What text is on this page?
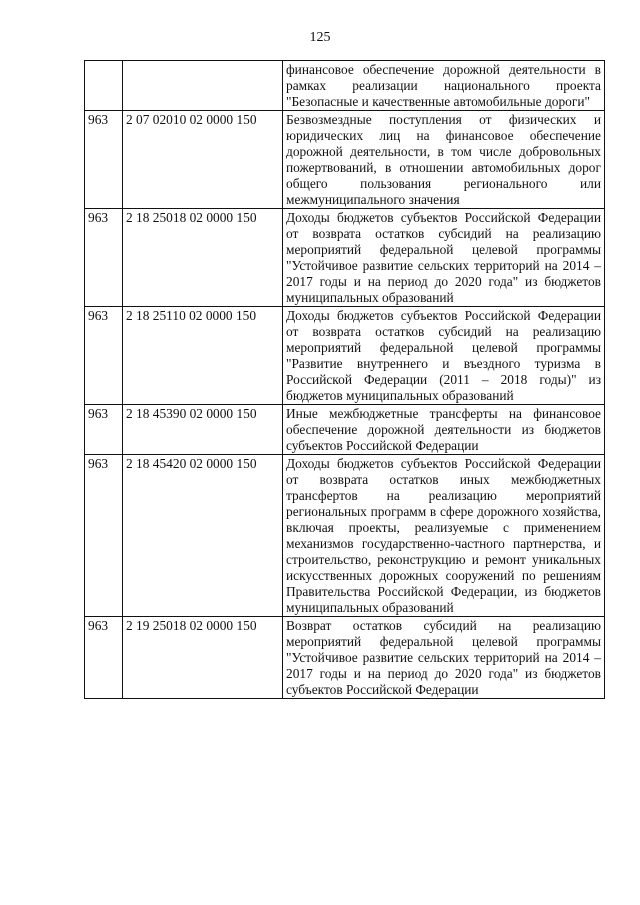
125
		финансовое обеспечение дорожной деятельности в рамках реализации национального проекта "Безопасные и качественные автомобильные дороги"
963	2 07 02010 02 0000 150	Безвозмездные поступления от физических и юридических лиц на финансовое обеспечение дорожной деятельности, в том числе добровольных пожертвований, в отношении автомобильных дорог общего пользования регионального или межмуниципального значения
963	2 18 25018 02 0000 150	Доходы бюджетов субъектов Российской Федерации от возврата остатков субсидий на реализацию мероприятий федеральной целевой программы "Устойчивое развитие сельских территорий на 2014 – 2017 годы и на период до 2020 года" из бюджетов муниципальных образований
963	2 18 25110 02 0000 150	Доходы бюджетов субъектов Российской Федерации от возврата остатков субсидий на реализацию мероприятий федеральной целевой программы "Развитие внутреннего и въездного туризма в Российской Федерации (2011 – 2018 годы)" из бюджетов муниципальных образований
963	2 18 45390 02 0000 150	Иные межбюджетные трансферты на финансовое обеспечение дорожной деятельности из бюджетов субъектов Российской Федерации
963	2 18 45420 02 0000 150	Доходы бюджетов субъектов Российской Федерации от возврата остатков иных межбюджетных трансфертов на реализацию мероприятий региональных программ в сфере дорожного хозяйства, включая проекты, реализуемые с применением механизмов государственно-частного партнерства, и строительство, реконструкцию и ремонт уникальных искусственных дорожных сооружений по решениям Правительства Российской Федерации, из бюджетов муниципальных образований
963	2 19 25018 02 0000 150	Возврат остатков субсидий на реализацию мероприятий федеральной целевой программы "Устойчивое развитие сельских территорий на 2014 – 2017 годы и на период до 2020 года" из бюджетов субъектов Российской Федерации
